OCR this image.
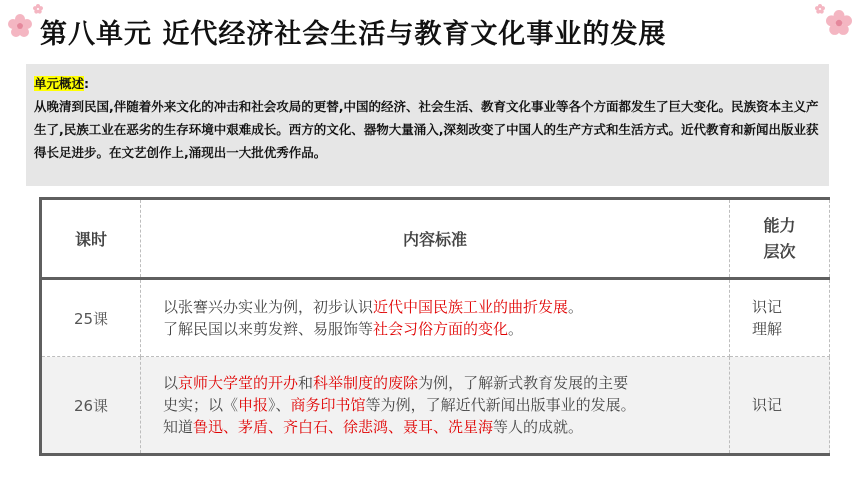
第八单元 近代经济社会生活与教育文化事业的发展
单元概述:
从晚清到民国,伴随着外来文化的冲击和社会攻局的更替,中国的经济、社会生活、教育文化事业等各个方面都发生了巨大变化。民族资本主义产生了,民族工业在恶劣的生存环境中艰难成长。西方的文化、器物大量涌入,深刻改变了中国人的生产方式和生活方式。近代教育和新闻出版业获得长足进步。在文艺创作上,涌现出一大批优秀作品。
课时	内容标准	能力
层次

25课	以张謇兴办实业为例，初步认识近代中国民族工业的曲折发展。
了解民国以来剪发辫、易服饰等社会习俗方面的变化。	识记
理解

26课	以京师大学堂的开办和科举制度的废除为例，了解新式教育发展的主要
史实；以《申报》、商务印书馆等为例，了解近代新闻出版事业的发展。
知道鲁迅、茅盾、齐白石、徐悲鸿、聂耳、冼星海等人的成就。	识记
